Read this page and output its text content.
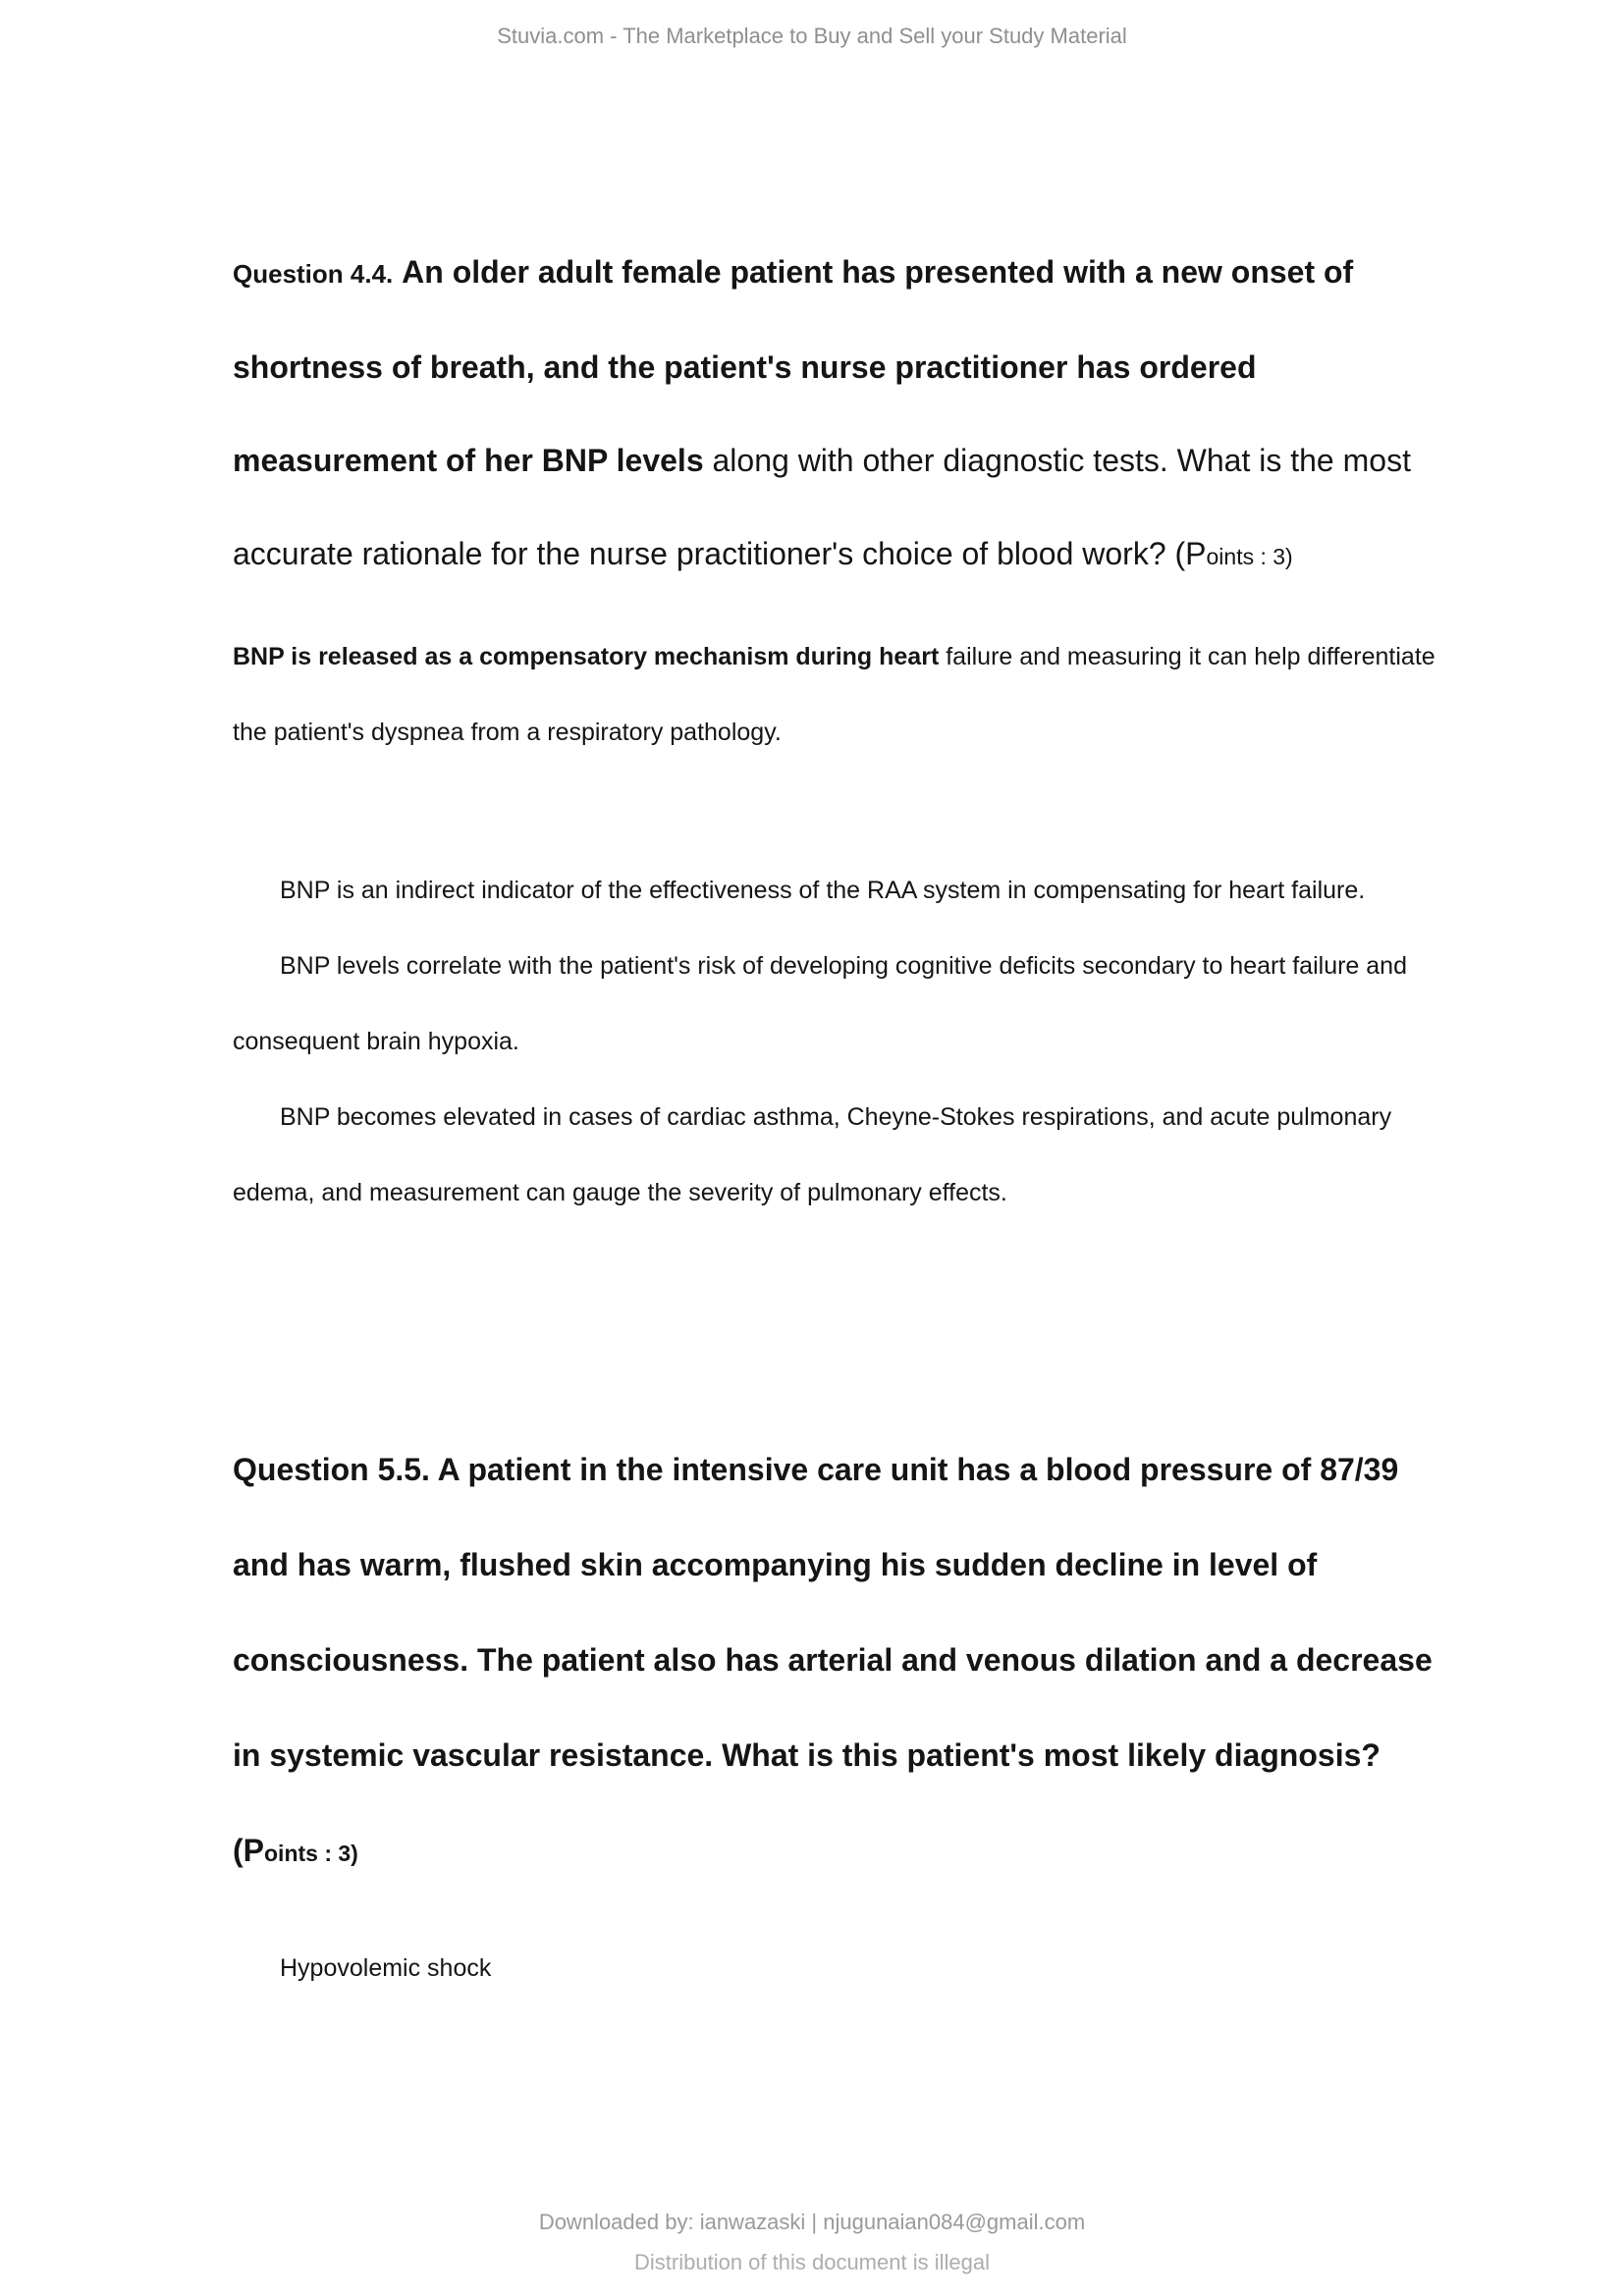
Stuvia.com - The Marketplace to Buy and Sell your Study Material

Question 4.4. An older adult female patient has presented with a new onset of shortness of breath, and the patient's nurse practitioner has ordered measurement of her BNP levels along with other diagnostic tests. What is the most accurate rationale for the nurse practitioner's choice of blood work? (Points : 3)

BNP is released as a compensatory mechanism during heart failure and measuring it can help differentiate the patient's dyspnea from a respiratory pathology.

BNP is an indirect indicator of the effectiveness of the RAA system in compensating for heart failure.

BNP levels correlate with the patient's risk of developing cognitive deficits secondary to heart failure and consequent brain hypoxia.

BNP becomes elevated in cases of cardiac asthma, Cheyne-Stokes respirations, and acute pulmonary edema, and measurement can gauge the severity of pulmonary effects.

Question 5.5. A patient in the intensive care unit has a blood pressure of 87/39 and has warm, flushed skin accompanying his sudden decline in level of consciousness. The patient also has arterial and venous dilation and a decrease in systemic vascular resistance. What is this patient's most likely diagnosis? (Points : 3)

Hypovolemic shock

Downloaded by: ianwazaski | njugunaian084@gmail.com
Distribution of this document is illegal
